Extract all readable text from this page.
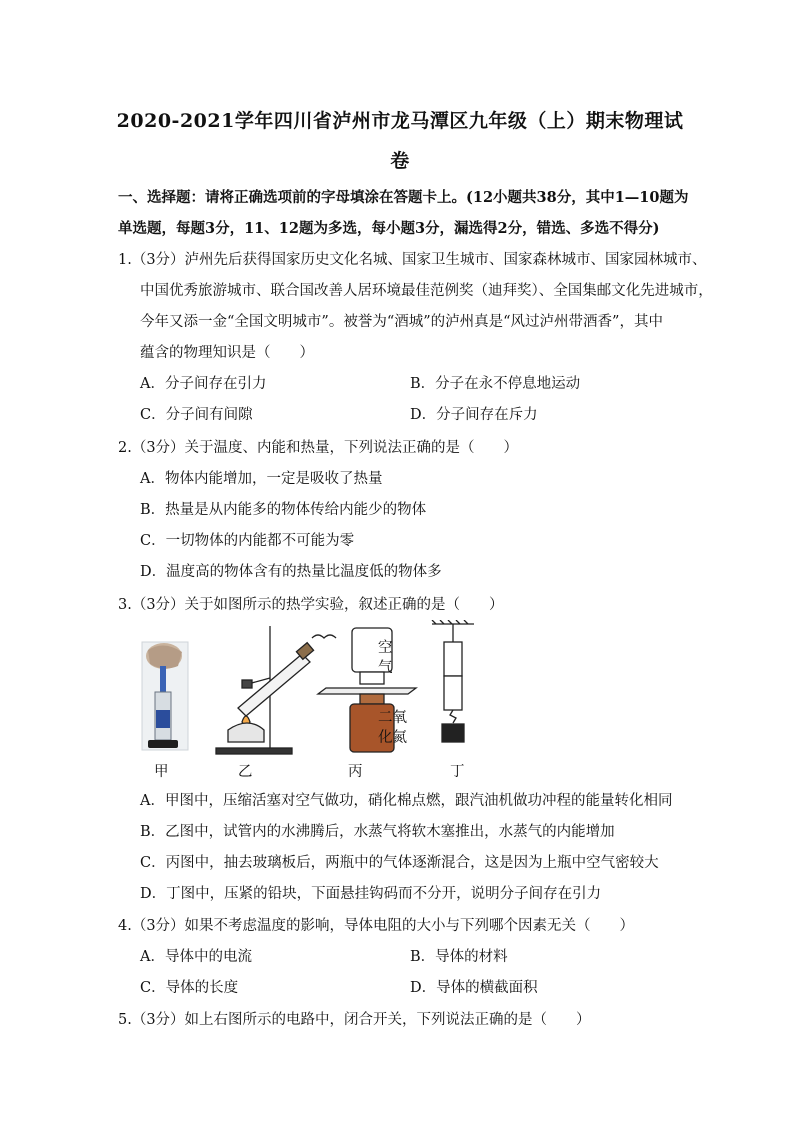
2020-2021学年四川省泸州市龙马潭区九年级（上）期末物理试
卷
一、选择题：请将正确选项前的字母填涂在答题卡上。(12小题共38分，其中1—10题为
单选题，每题3分，11、12题为多选，每小题3分，漏选得2分，错选、多选不得分)
1.（3分）泸州先后获得国家历史文化名城、国家卫生城市、国家森林城市、国家园林城市、
中国优秀旅游城市、联合国改善人居环境最佳范例奖（迪拜奖）、全国集邮文化先进城市，
今年又添一金“全国文明城市”。被誉为“酒城”的泸州真是“风过泸州带酒香”，其中
蕴含的物理知识是（　　）
A．分子间存在引力	B．分子在永不停息地运动
C．分子间有间隙	D．分子间存在斥力
2.（3分）关于温度、内能和热量，下列说法正确的是（　　）
A．物体内能增加，一定是吸收了热量
B．热量是从内能多的物体传给内能少的物体
C．一切物体的内能都不可能为零
D．温度高的物体含有的热量比温度低的物体多
3.（3分）关于如图所示的热学实验，叙述正确的是（　　）
空
气
二氧
化氮
甲	乙	丙	丁
A．甲图中，压缩活塞对空气做功，硝化棉点燃，跟汽油机做功冲程的能量转化相同
B．乙图中，试管内的水沸腾后，水蒸气将软木塞推出，水蒸气的内能增加
C．丙图中，抽去玻璃板后，两瓶中的气体逐渐混合，这是因为上瓶中空气密较大
D．丁图中，压紧的铅块，下面悬挂钩码而不分开，说明分子间存在引力
4.（3分）如果不考虑温度的影响，导体电阻的大小与下列哪个因素无关（　　）
A．导体中的电流	B．导体的材料
C．导体的长度	D．导体的横截面积
5.（3分）如上右图所示的电路中，闭合开关，下列说法正确的是（　　）
